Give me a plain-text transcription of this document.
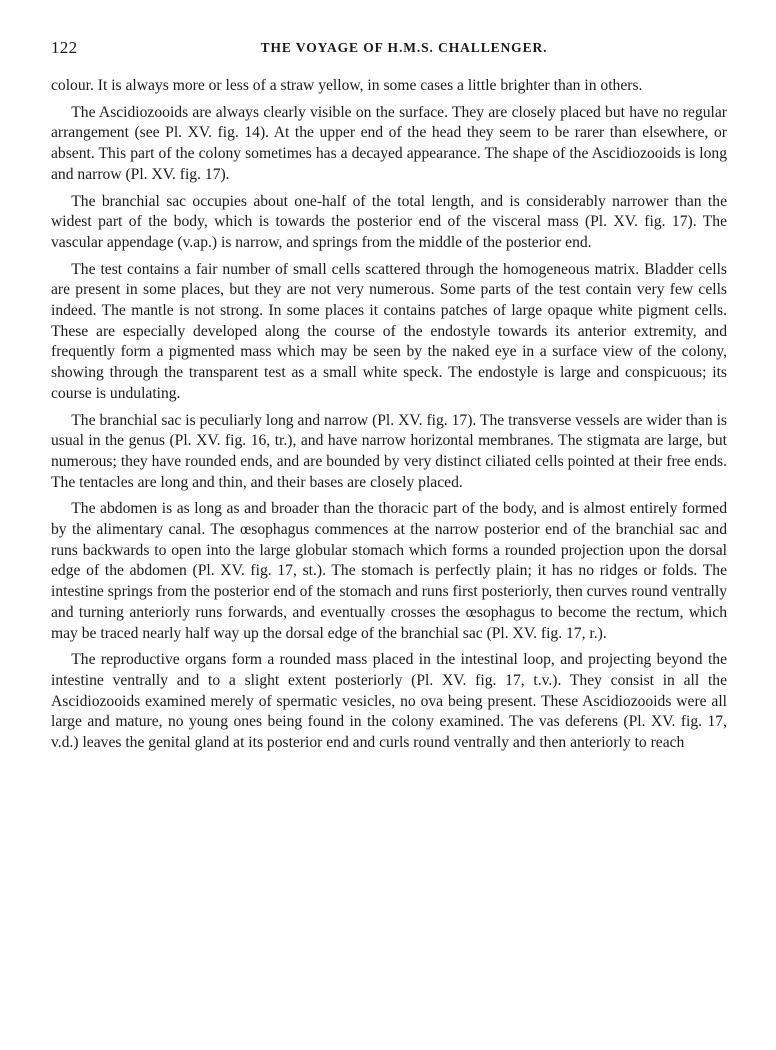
122	THE VOYAGE OF H.M.S. CHALLENGER.

colour. It is always more or less of a straw yellow, in some cases a little brighter than in others.

The Ascidiozooids are always clearly visible on the surface. They are closely placed but have no regular arrangement (see Pl. XV. fig. 14). At the upper end of the head they seem to be rarer than elsewhere, or absent. This part of the colony sometimes has a decayed appearance. The shape of the Ascidiozooids is long and narrow (Pl. XV. fig. 17).

The branchial sac occupies about one-half of the total length, and is considerably narrower than the widest part of the body, which is towards the posterior end of the visceral mass (Pl. XV. fig. 17). The vascular appendage (v.ap.) is narrow, and springs from the middle of the posterior end.

The test contains a fair number of small cells scattered through the homogeneous matrix. Bladder cells are present in some places, but they are not very numerous. Some parts of the test contain very few cells indeed. The mantle is not strong. In some places it contains patches of large opaque white pigment cells. These are especially developed along the course of the endostyle towards its anterior extremity, and frequently form a pigmented mass which may be seen by the naked eye in a surface view of the colony, showing through the transparent test as a small white speck. The endostyle is large and conspicuous; its course is undulating.

The branchial sac is peculiarly long and narrow (Pl. XV. fig. 17). The transverse vessels are wider than is usual in the genus (Pl. XV. fig. 16, tr.), and have narrow horizontal membranes. The stigmata are large, but numerous; they have rounded ends, and are bounded by very distinct ciliated cells pointed at their free ends. The tentacles are long and thin, and their bases are closely placed.

The abdomen is as long as and broader than the thoracic part of the body, and is almost entirely formed by the alimentary canal. The œsophagus commences at the narrow posterior end of the branchial sac and runs backwards to open into the large globular stomach which forms a rounded projection upon the dorsal edge of the abdomen (Pl. XV. fig. 17, st.). The stomach is perfectly plain; it has no ridges or folds. The intestine springs from the posterior end of the stomach and runs first posteriorly, then curves round ventrally and turning anteriorly runs forwards, and eventually crosses the œsophagus to become the rectum, which may be traced nearly half way up the dorsal edge of the branchial sac (Pl. XV. fig. 17, r.).

The reproductive organs form a rounded mass placed in the intestinal loop, and projecting beyond the intestine ventrally and to a slight extent posteriorly (Pl. XV. fig. 17, t.v.). They consist in all the Ascidiozooids examined merely of spermatic vesicles, no ova being present. These Ascidiozooids were all large and mature, no young ones being found in the colony examined. The vas deferens (Pl. XV. fig. 17, v.d.) leaves the genital gland at its posterior end and curls round ventrally and then anteriorly to reach
